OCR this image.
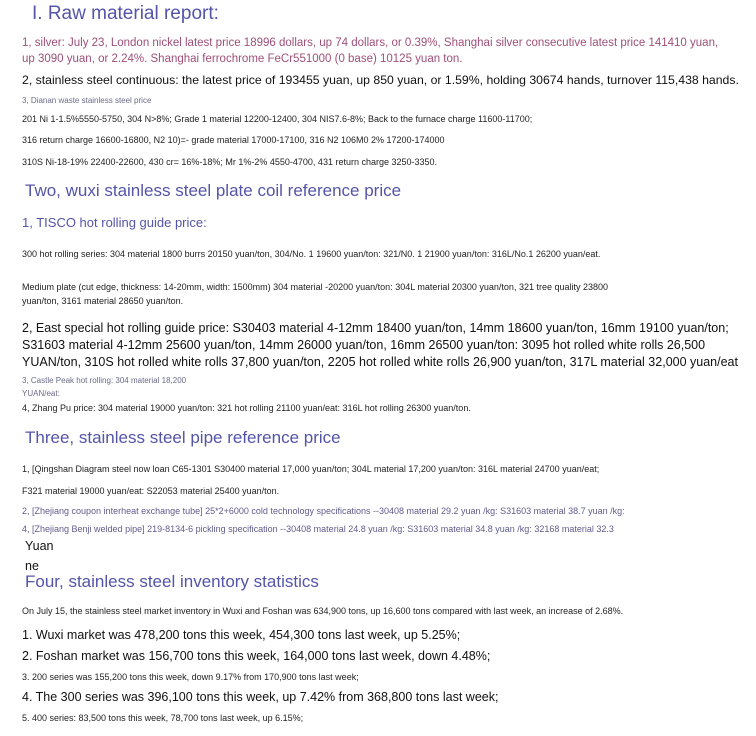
I. Raw material report:
1, silver: July 23, London nickel latest price 18996 dollars, up 74 dollars, or 0.39%, Shanghai silver consecutive latest price 141410 yuan,
up 3090 yuan, or 2.24%. Shanghai ferrochrome FeCr551000 (0 base) 10125 yuan ton.
2, stainless steel continuous: the latest price of 193455 yuan, up 850 yuan, or 1.59%, holding 30674 hands, turnover 115,438 hands.
3, Dianan waste stainless steel price
201 Ni 1-1.5%5550-5750, 304 N>8%; Grade 1 material 12200-12400, 304 NIS7.6-8%; Back to the furnace charge 11600-11700;
316 return charge 16600-16800, N2 10)=- grade material 17000-17100, 316 N2 106M0 2% 17200-174000
310S Ni-18-19% 22400-22600, 430 cr= 16%-18%; Mr 1%-2% 4550-4700, 431 return charge 3250-3350.
Two, wuxi stainless steel plate coil reference price
1, TISCO hot rolling guide price:
300 hot rolling series: 304 material 1800 burrs 20150 yuan/ton, 304/No. 1 19600 yuan/ton: 321/N0. 1 21900 yuan/ton: 316L/No.1 26200 yuan/eat.
Medium plate (cut edge, thickness: 14-20mm, width: 1500mm) 304 material -20200 yuan/ton: 304L material 20300 yuan/ton, 321 tree quality 23800
yuan/ton, 3161 material 28650 yuan/ton.
2, East special hot rolling guide price: S30403 material 4-12mm 18400 yuan/ton, 14mm 18600 yuan/ton, 16mm 19100 yuan/ton;
S31603 material 4-12mm 25600 yuan/ton, 14mm 26000 yuan/ton, 16mm 26500 yuan/ton: 3095 hot rolled white rolls 26,500
YUAN/ton, 310S hot rolled white rolls 37,800 yuan/ton, 2205 hot rolled white rolls 26,900 yuan/ton, 317L material 32,000 yuan/eat
3, Castle Peak hot rolling: 304 material 18,200
YUAN/eat:
4, Zhang Pu price: 304 material 19000 yuan/ton: 321 hot rolling 21100 yuan/eat: 316L hot rolling 26300 yuan/ton.
Three, stainless steel pipe reference price
1, [Qingshan Diagram steel now loan C65-1301 S30400 material 17,000 yuan/ton; 304L material 17,200 yuan/ton: 316L material 24700 yuan/eat;
F321 material 19000 yuan/eat: S22053 material 25400 yuan/ton.
2, [Zhejiang coupon interheat exchange tube] 25*2+6000 cold technology specifications --30408 material 29.2 yuan /kg: S31603 material 38.7 yuan /kg:
4, [Zhejiang Benji welded pipe] 219-8134-6 pickling specification --30408 material 24.8 yuan /kg: S31603 material 34.8 yuan /kg: 32168 material 32.3
Yuan
ne
Four, stainless steel inventory statistics
On July 15, the stainless steel market inventory in Wuxi and Foshan was 634,900 tons, up 16,600 tons compared with last week, an increase of 2.68%.
1. Wuxi market was 478,200 tons this week, 454,300 tons last week, up 5.25%;
2. Foshan market was 156,700 tons this week, 164,000 tons last week, down 4.48%;
3. 200 series was 155,200 tons this week, down 9.17% from 170,900 tons last week;
4. The 300 series was 396,100 tons this week, up 7.42% from 368,800 tons last week;
5. 400 series: 83,500 tons this week, 78,700 tons last week, up 6.15%;
